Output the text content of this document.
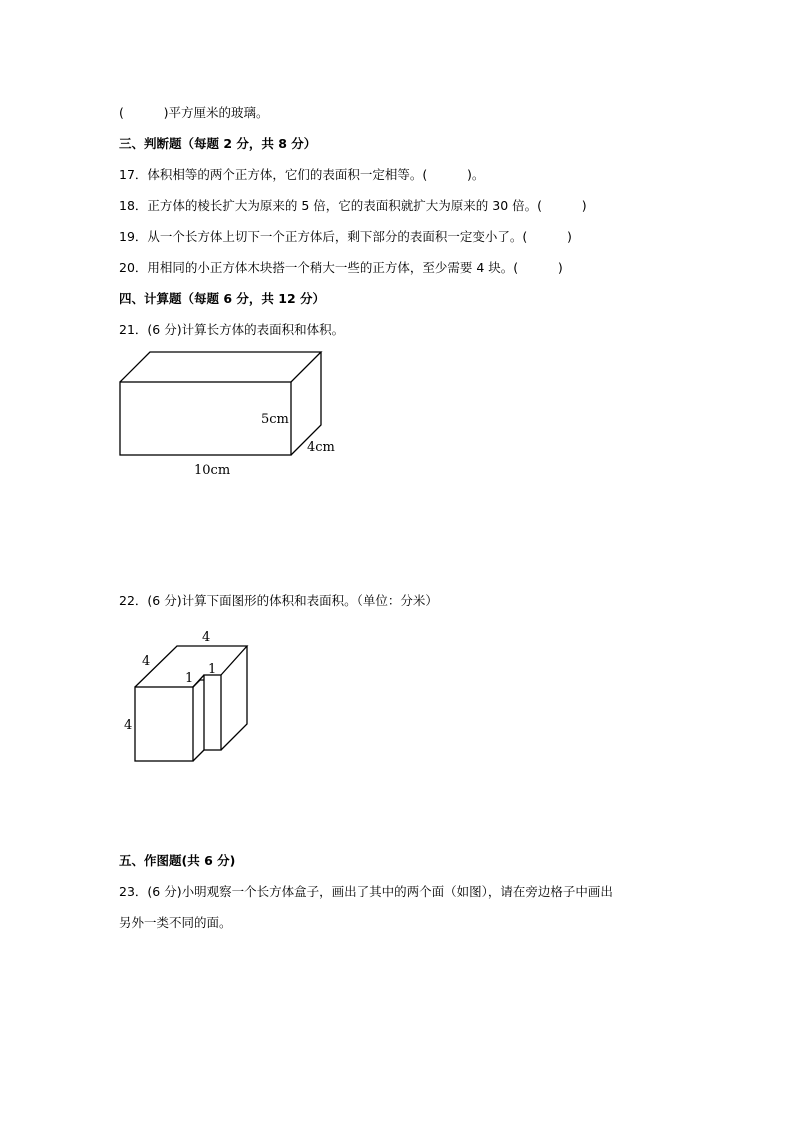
(          )平方厘米的玻璃。
三、判断题（每题 2 分，共 8 分）
17．体积相等的两个正方体，它们的表面积一定相等。(          )。
18．正方体的棱长扩大为原来的 5 倍，它的表面积就扩大为原来的 30 倍。(          )
19．从一个长方体上切下一个正方体后，剩下部分的表面积一定变小了。(          )
20．用相同的小正方体木块搭一个稍大一些的正方体，至少需要 4 块。(          )
四、计算题（每题 6 分，共 12 分）
21．(6 分)计算长方体的表面积和体积。
5cm
4cm
10cm
22．(6 分)计算下面图形的体积和表面积。（单位：分米）
4
4
1
1
4
五、作图题(共 6 分)
23．(6 分)小明观察一个长方体盒子，画出了其中的两个面（如图），请在旁边格子中画出
另外一类不同的面。
